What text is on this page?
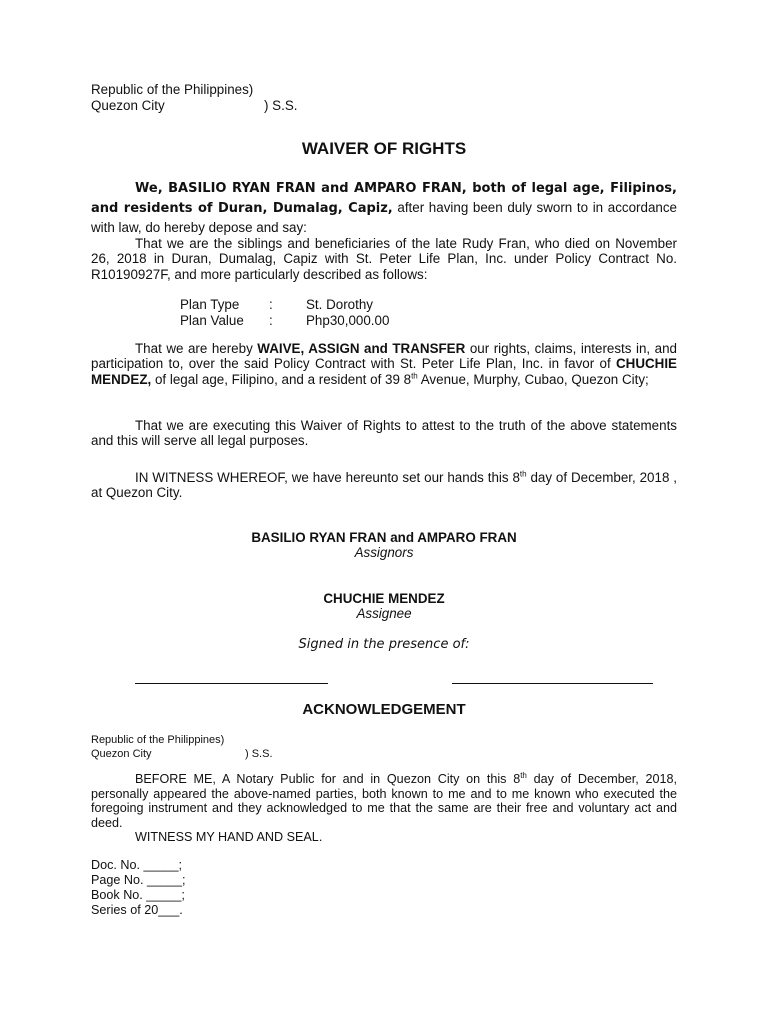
Republic of the Philippines)
Quezon City	) S.S.
WAIVER OF RIGHTS
We, BASILIO RYAN FRAN and AMPARO FRAN, both of legal age, Filipinos, and residents of Duran, Dumalag, Capiz, after having been duly sworn to in accordance with law, do hereby depose and say:
That we are the siblings and beneficiaries of the late Rudy Fran, who died on November 26, 2018 in Duran, Dumalag, Capiz with St. Peter Life Plan, Inc. under Policy Contract No. R10190927F, and more particularly described as follows:
Plan Type : St. Dorothy
Plan Value : Php30,000.00
That we are hereby WAIVE, ASSIGN and TRANSFER our rights, claims, interests in, and participation to, over the said Policy Contract with St. Peter Life Plan, Inc. in favor of CHUCHIE MENDEZ, of legal age, Filipino, and a resident of 39 8th Avenue, Murphy, Cubao, Quezon City;
That we are executing this Waiver of Rights to attest to the truth of the above statements and this will serve all legal purposes.
IN WITNESS WHEREOF, we have hereunto set our hands this 8th day of December, 2018 , at Quezon City.
BASILIO RYAN FRAN and AMPARO FRAN
Assignors
CHUCHIE MENDEZ
Assignee
Signed in the presence of:
ACKNOWLEDGEMENT
Republic of the Philippines)
Quezon City	) S.S.
BEFORE ME, A Notary Public for and in Quezon City on this 8th day of December, 2018, personally appeared the above-named parties, both known to me and to me known who executed the foregoing instrument and they acknowledged to me that the same are their free and voluntary act and deed.
WITNESS MY HAND AND SEAL.
Doc. No. _____;
Page No. _____;
Book No. _____;
Series of 20___.
